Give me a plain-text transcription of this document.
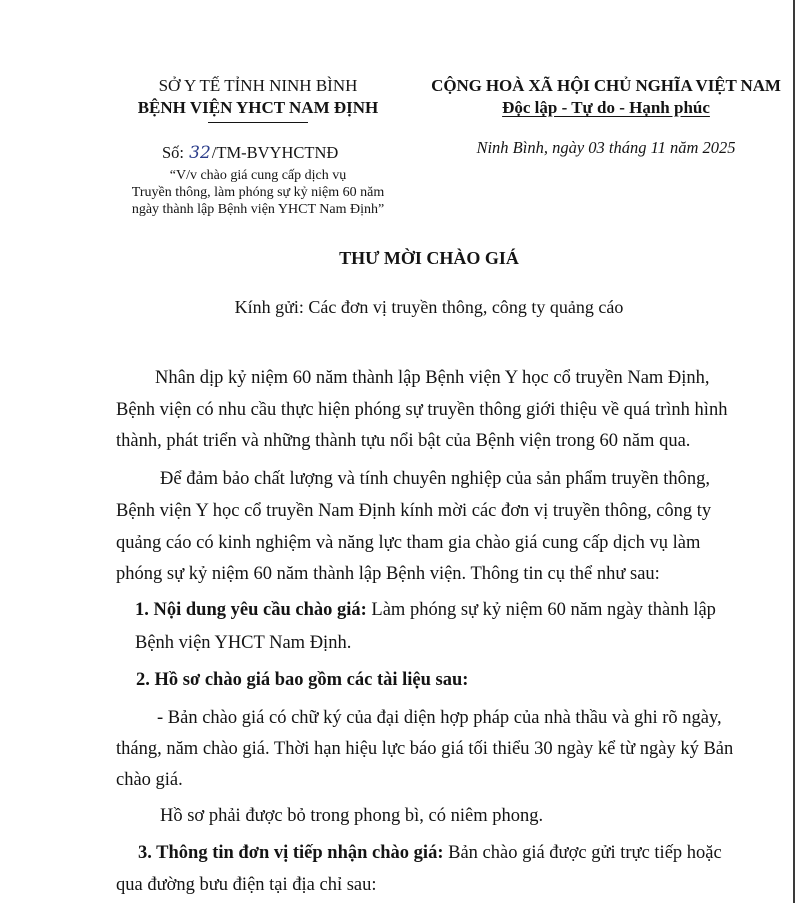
SỞ Y TẾ TỈNH NINH BÌNH
BỆNH VIỆN YHCT NAM ĐỊNH
CỘNG HOÀ XÃ HỘI CHỦ NGHĨA VIỆT NAM
Độc lập - Tự do - Hạnh phúc
Số: 32/TM-BVYHCTNĐ	Ninh Bình, ngày 03 tháng 11 năm 2025
“V/v chào giá cung cấp dịch vụ
Truyền thông, làm phóng sự kỷ niệm 60 năm
ngày thành lập Bệnh viện YHCT Nam Định”
THƯ MỜI CHÀO GIÁ
Kính gửi: Các đơn vị truyền thông, công ty quảng cáo
Nhân dịp kỷ niệm 60 năm thành lập Bệnh viện Y học cổ truyền Nam Định,
Bệnh viện có nhu cầu thực hiện phóng sự truyền thông giới thiệu về quá trình hình
thành, phát triển và những thành tựu nổi bật của Bệnh viện trong 60 năm qua.
Để đảm bảo chất lượng và tính chuyên nghiệp của sản phẩm truyền thông,
Bệnh viện Y học cổ truyền Nam Định kính mời các đơn vị truyền thông, công ty
quảng cáo có kinh nghiệm và năng lực tham gia chào giá cung cấp dịch vụ làm
phóng sự kỷ niệm 60 năm thành lập Bệnh viện. Thông tin cụ thể như sau:
1. Nội dung yêu cầu chào giá: Làm phóng sự kỷ niệm 60 năm ngày thành lập
Bệnh viện YHCT Nam Định.
2. Hồ sơ chào giá bao gồm các tài liệu sau:
- Bản chào giá có chữ ký của đại diện hợp pháp của nhà thầu và ghi rõ ngày,
tháng, năm chào giá. Thời hạn hiệu lực báo giá tối thiểu 30 ngày kể từ ngày ký Bản
chào giá.
Hồ sơ phải được bỏ trong phong bì, có niêm phong.
3. Thông tin đơn vị tiếp nhận chào giá: Bản chào giá được gửi trực tiếp hoặc
qua đường bưu điện tại địa chỉ sau:
